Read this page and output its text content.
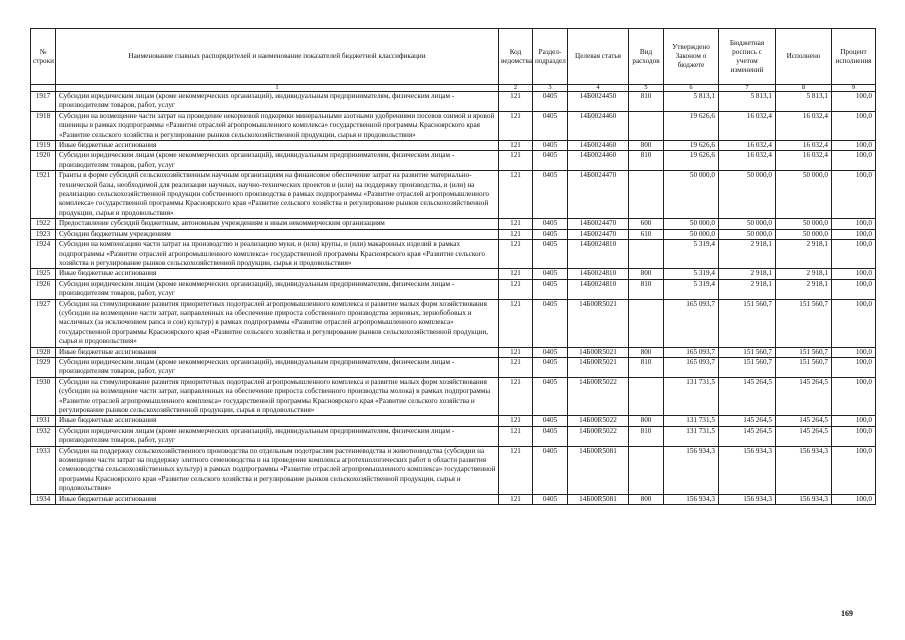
№ строки	Наименование главных распорядителей и наименование показателей бюджетной классификации	Код ведомства	Раздел-подраздел	Целевая статья	Вид расходов	Утверждено Законом о бюджете	Бюджетная роспись с учетом изменений	Исполнено	Процент исполнения
	1	2	3	4	5	6	7	8	9
1917	Субсидии юридическим лицам (кроме некоммерческих организаций), индивидуальным предпринимателям, физическим лицам - производителям товаров, работ, услуг	121	0405	14Б0024450	810	5 813,1	5 813,1	5 813,1	100,0
1918	Субсидии на возмещение части затрат на проведение некорневой подкормки минеральными азотными удобрениями посевов озимой и яровой пшеницы в рамках подпрограммы «Развитие отраслей агропромышленного комплекса» государственной программы Красноярского края «Развитие сельского хозяйства и регулирование рынков сельскохозяйственной продукции, сырья и продовольствия»	121	0405	14Б0024460		19 626,6	16 032,4	16 032,4	100,0
1919	Иные бюджетные ассигнования	121	0405	14Б0024460	800	19 626,6	16 032,4	16 032,4	100,0
1920	Субсидии юридическим лицам (кроме некоммерческих организаций), индивидуальным предпринимателям, физическим лицам - производителям товаров, работ, услуг	121	0405	14Б0024460	810	19 626,6	16 032,4	16 032,4	100,0
1921	Гранты в форме субсидий сельскохозяйственным научным организациям на финансовое обеспечение затрат на развитие материально-технической базы, необходимой для реализации научных, научно-технических проектов и (или) на поддержку производства, и (или) на реализацию сельскохозяйственной продукции собственного производства в рамках подпрограммы «Развитие отраслей агропромышленного комплекса» государственной программы Красноярского края «Развитие сельского хозяйства и регулирование рынков сельскохозяйственной продукции, сырья и продовольствия»	121	0405	14Б0024470		50 000,0	50 000,0	50 000,0	100,0
1922	Предоставление субсидий бюджетным, автономным учреждениям и иным некоммерческим организациям	121	0405	14Б0024470	600	50 000,0	50 000,0	50 000,0	100,0
1923	Субсидии бюджетным учреждениям	121	0405	14Б0024470	610	50 000,0	50 000,0	50 000,0	100,0
1924	Субсидии на компенсацию части затрат на производство и реализацию муки, и (или) крупы, и (или) макаронных изделий в рамках подпрограммы «Развитие отраслей агропромышленного комплекса» государственной программы Красноярского края «Развитие сельского хозяйства и регулирование рынков сельскохозяйственной продукции, сырья и продовольствия»	121	0405	14Б0024810		5 319,4	2 918,1	2 918,1	100,0
1925	Иные бюджетные ассигнования	121	0405	14Б0024810	800	5 319,4	2 918,1	2 918,1	100,0
1926	Субсидии юридическим лицам (кроме некоммерческих организаций), индивидуальным предпринимателям, физическим лицам - производителям товаров, работ, услуг	121	0405	14Б0024810	810	5 319,4	2 918,1	2 918,1	100,0
1927	Субсидии на стимулирование развития приоритетных подотраслей агропромышленного комплекса и развитие малых форм хозяйствования (субсидии на возмещение части затрат, направленных на обеспечение прироста собственного производства зерновых, зернобобовых и масличных (за исключением рапса и сои) культур) в рамках подпрограммы «Развитие отраслей агропромышленного комплекса» государственной программы Красноярского края «Развитие сельского хозяйства и регулирование рынков сельскохозяйственной продукции, сырья и продовольствия»	121	0405	14Б00R5021		165 093,7	151 560,7	151 560,7	100,0
1928	Иные бюджетные ассигнования	121	0405	14Б00R5021	800	165 093,7	151 560,7	151 560,7	100,0
1929	Субсидии юридическим лицам (кроме некоммерческих организаций), индивидуальным предпринимателям, физическим лицам - производителям товаров, работ, услуг	121	0405	14Б00R5021	810	165 093,7	151 560,7	151 560,7	100,0
1930	Субсидии на стимулирование развития приоритетных подотраслей агропромышленного комплекса и развитие малых форм хозяйствования (субсидии на возмещение части затрат, направленных на обеспечение прироста собственного производства молока) в рамках подпрограммы «Развитие отраслей агропромышленного комплекса» государственной программы Красноярского края «Развитие сельского хозяйства и регулирование рынков сельскохозяйственной продукции, сырья и продовольствия»	121	0405	14Б00R5022		131 731,5	145 264,5	145 264,5	100,0
1931	Иные бюджетные ассигнования	121	0405	14Б00R5022	800	131 731,5	145 264,5	145 264,5	100,0
1932	Субсидии юридическим лицам (кроме некоммерческих организаций), индивидуальным предпринимателям, физическим лицам - производителям товаров, работ, услуг	121	0405	14Б00R5022	810	131 731,5	145 264,5	145 264,5	100,0
1933	Субсидии на поддержку сельскохозяйственного производства по отдельным подотраслям растениеводства и животноводства (субсидии на возмещение части затрат на поддержку элитного семеноводства и на проведение комплекса агротехнологических работ в области развития семеноводства сельскохозяйственных культур) в рамках подпрограммы «Развитие отраслей агропромышленного комплекса» государственной программы Красноярского края «Развитие сельского хозяйства и регулирование рынков сельскохозяйственной продукции, сырья и продовольствия»	121	0405	14Б00R5081		156 934,3	156 934,3	156 934,3	100,0
1934	Иные бюджетные ассигнования	121	0405	14Б00R5081	800	156 934,3	156 934,3	156 934,3	100,0
169
